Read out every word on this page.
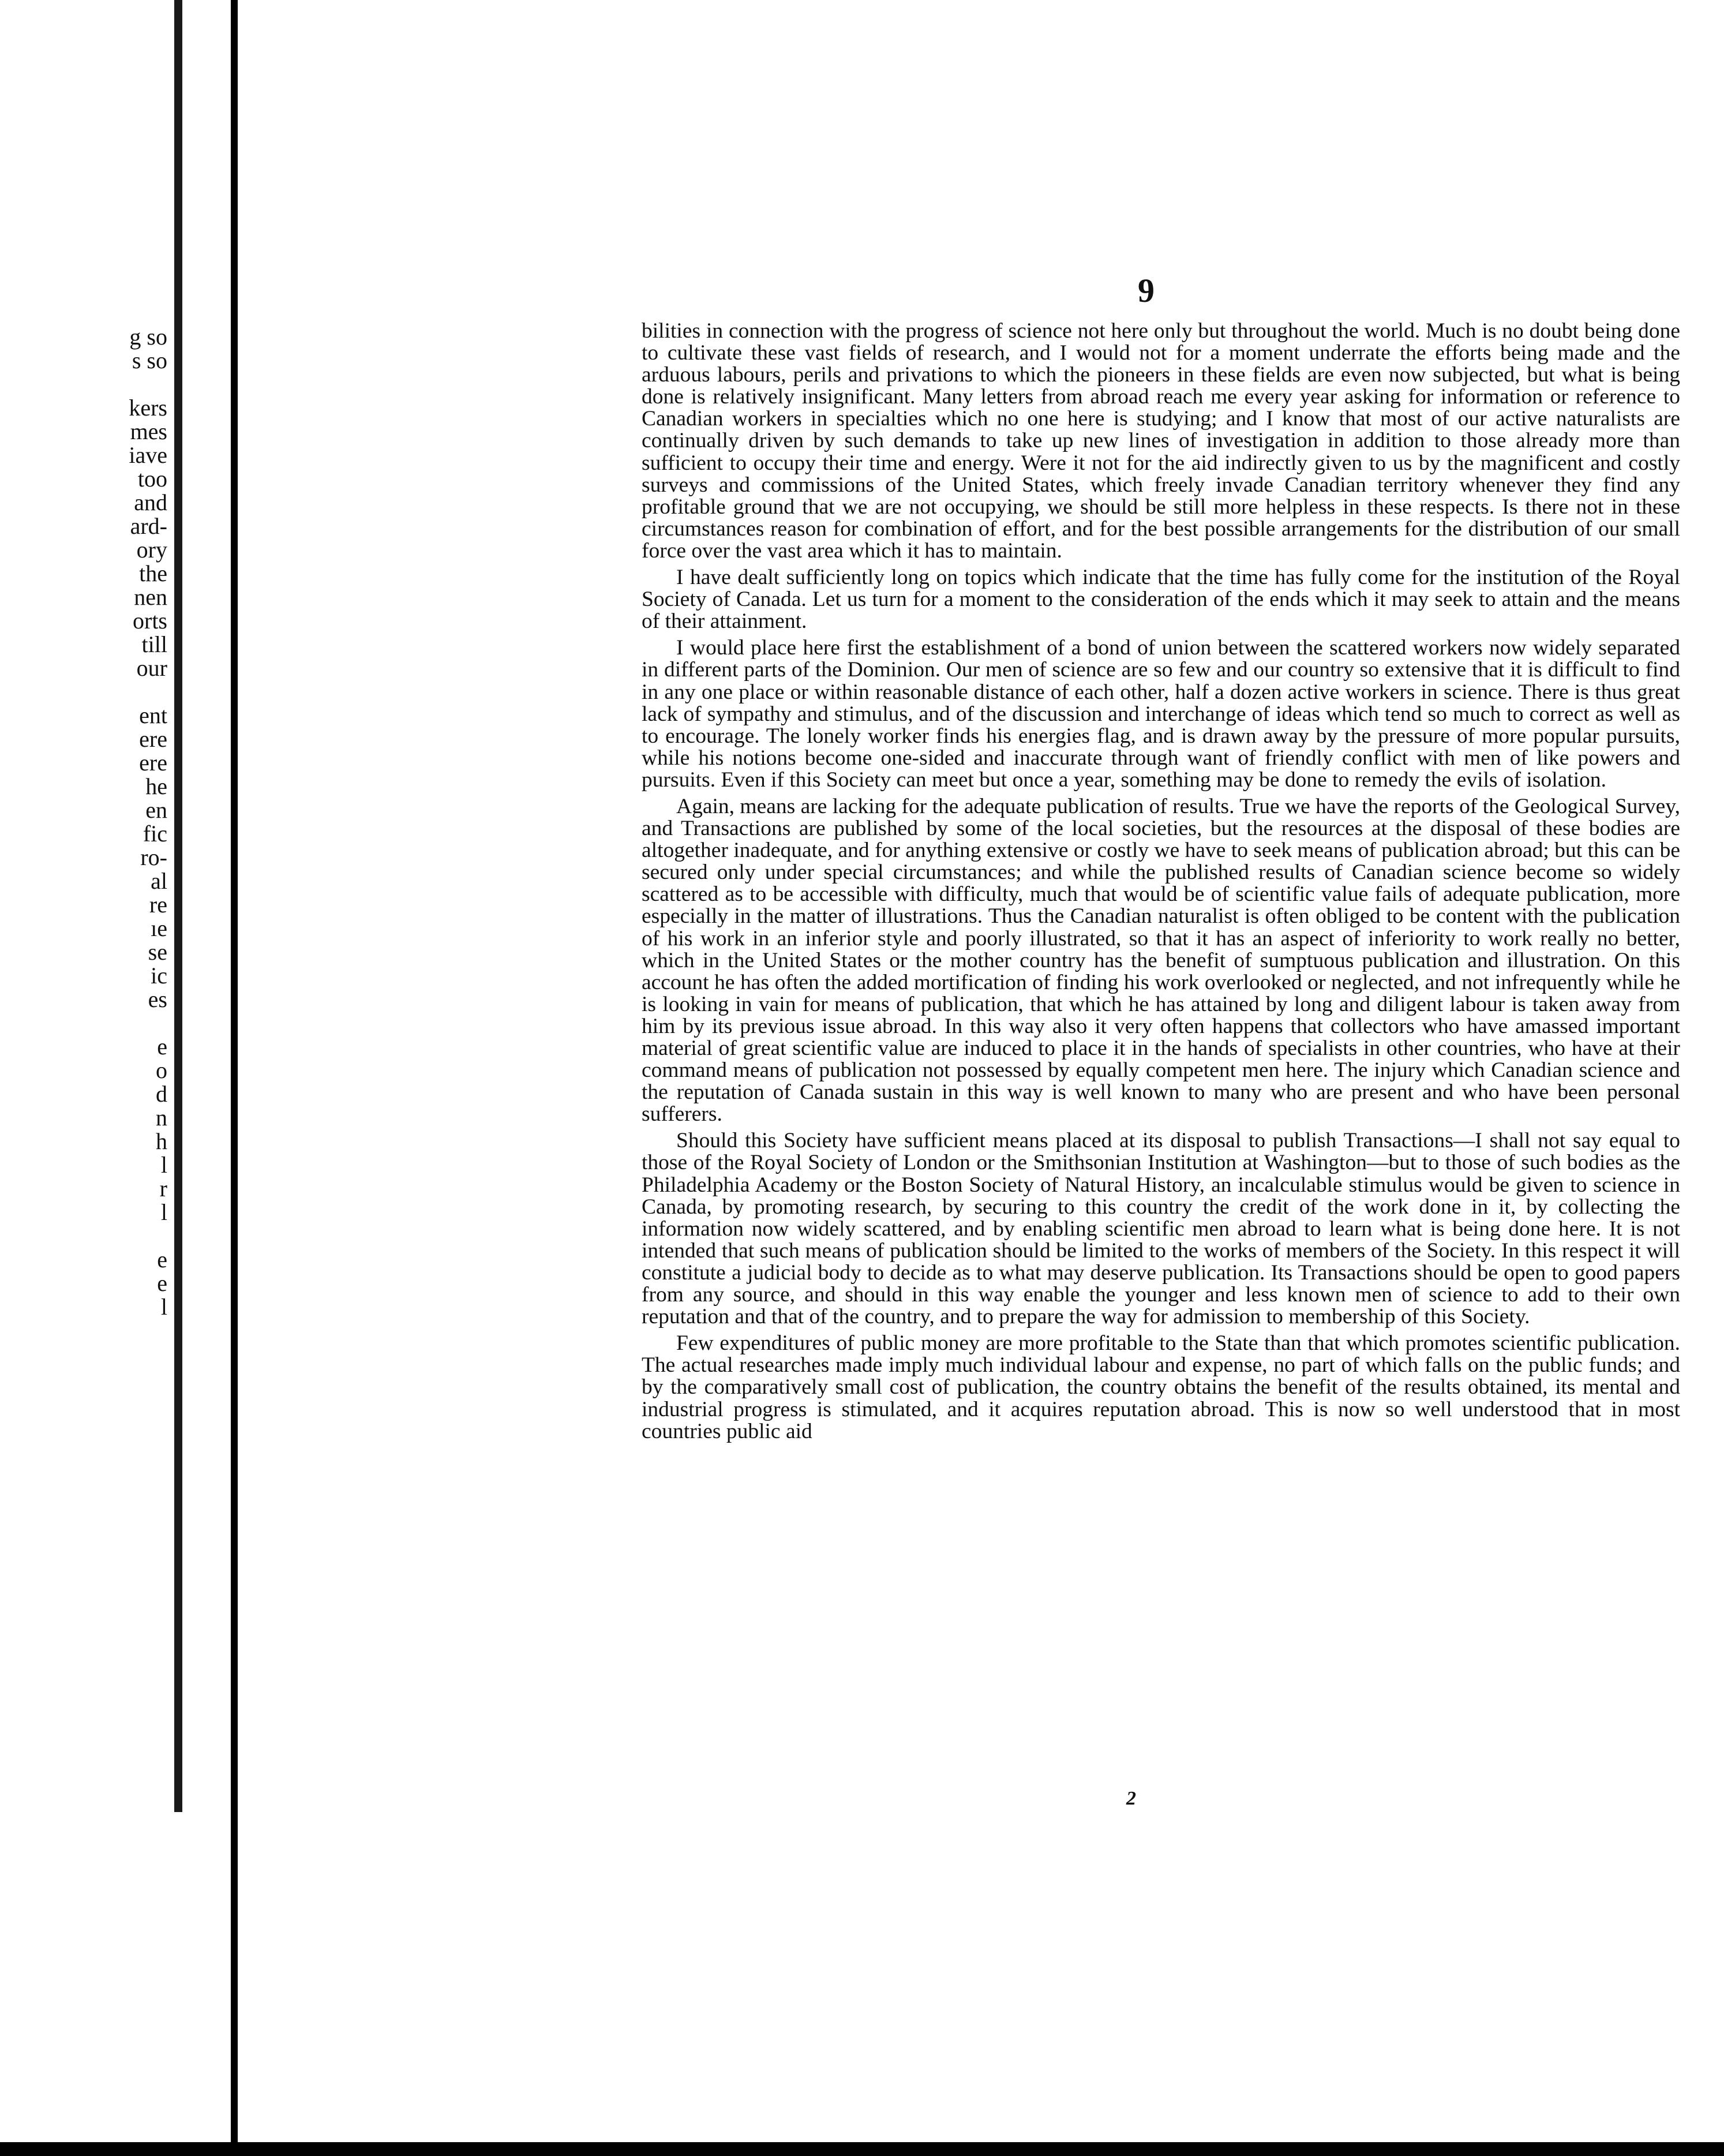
g so
s so
kers
mes
iave
too
and
ard-
ory
the
nen
orts
till
our
ent
ere
ere
he
en
fic
ro-
al
re
ıe
se
ic
es
e
o
d
n
h
l
r
l
e
e
l
9

bilities in connection with the progress of science not here only but throughout the world. Much is no doubt being done to cultivate these vast fields of research, and I would not for a moment underrate the efforts being made and the arduous labours, perils and privations to which the pioneers in these fields are even now subjected, but what is being done is relatively insignificant. Many letters from abroad reach me every year asking for information or reference to Canadian workers in specialties which no one here is studying; and I know that most of our active naturalists are continually driven by such demands to take up new lines of investigation in addition to those already more than sufficient to occupy their time and energy. Were it not for the aid indirectly given to us by the magnificent and costly surveys and commissions of the United States, which freely invade Canadian territory whenever they find any profitable ground that we are not occupying, we should be still more helpless in these respects. Is there not in these circumstances reason for combination of effort, and for the best possible arrangements for the distribution of our small force over the vast area which it has to maintain.

I have dealt sufficiently long on topics which indicate that the time has fully come for the institution of the Royal Society of Canada. Let us turn for a moment to the consideration of the ends which it may seek to attain and the means of their attainment.

I would place here first the establishment of a bond of union between the scattered workers now widely separated in different parts of the Dominion. Our men of science are so few and our country so extensive that it is difficult to find in any one place or within reasonable distance of each other, half a dozen active workers in science. There is thus great lack of sympathy and stimulus, and of the discussion and interchange of ideas which tend so much to correct as well as to encourage. The lonely worker finds his energies flag, and is drawn away by the pressure of more popular pursuits, while his notions become one-sided and inaccurate through want of friendly conflict with men of like powers and pursuits. Even if this Society can meet but once a year, something may be done to remedy the evils of isolation.

Again, means are lacking for the adequate publication of results. True we have the reports of the Geological Survey, and Transactions are published by some of the local societies, but the resources at the disposal of these bodies are altogether inadequate, and for anything extensive or costly we have to seek means of publication abroad; but this can be secured only under special circumstances; and while the published results of Canadian science become so widely scattered as to be accessible with difficulty, much that would be of scientific value fails of adequate publication, more especially in the matter of illustrations. Thus the Canadian naturalist is often obliged to be content with the publication of his work in an inferior style and poorly illustrated, so that it has an aspect of inferiority to work really no better, which in the United States or the mother country has the benefit of sumptuous publication and illustration. On this account he has often the added mortification of finding his work overlooked or neglected, and not infrequently while he is looking in vain for means of publication, that which he has attained by long and diligent labour is taken away from him by its previous issue abroad. In this way also it very often happens that collectors who have amassed important material of great scientific value are induced to place it in the hands of specialists in other countries, who have at their command means of publication not possessed by equally competent men here. The injury which Canadian science and the reputation of Canada sustain in this way is well known to many who are present and who have been personal sufferers.

Should this Society have sufficient means placed at its disposal to publish Transactions—I shall not say equal to those of the Royal Society of London or the Smithsonian Institution at Washington—but to those of such bodies as the Philadelphia Academy or the Boston Society of Natural History, an incalculable stimulus would be given to science in Canada, by promoting research, by securing to this country the credit of the work done in it, by collecting the information now widely scattered, and by enabling scientific men abroad to learn what is being done here. It is not intended that such means of publication should be limited to the works of members of the Society. In this respect it will constitute a judicial body to decide as to what may deserve publication. Its Transactions should be open to good papers from any source, and should in this way enable the younger and less known men of science to add to their own reputation and that of the country, and to prepare the way for admission to membership of this Society.

Few expenditures of public money are more profitable to the State than that which promotes scientific publication. The actual researches made imply much individual labour and expense, no part of which falls on the public funds; and by the comparatively small cost of publication, the country obtains the benefit of the results obtained, its mental and industrial progress is stimulated, and it acquires reputation abroad. This is now so well understood that in most countries public aid

2
